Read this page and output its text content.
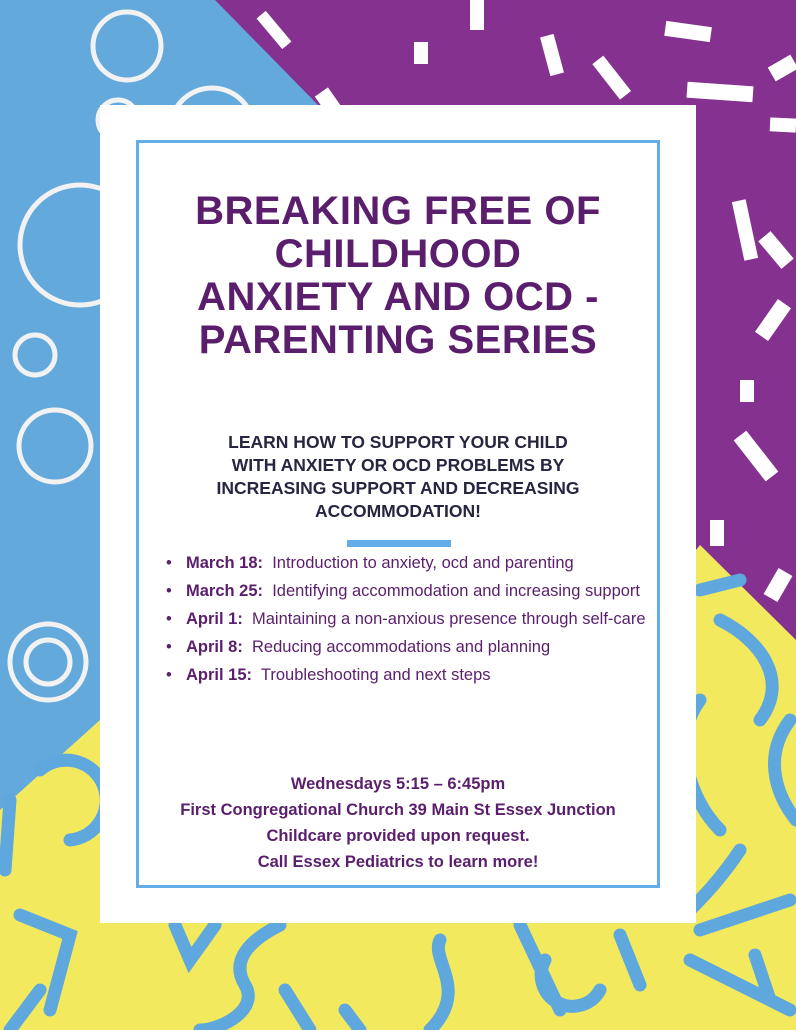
BREAKING FREE OF
CHILDHOOD
ANXIETY AND OCD -
PARENTING SERIES
LEARN HOW TO SUPPORT YOUR CHILD
WITH ANXIETY OR OCD PROBLEMS BY
INCREASING SUPPORT AND DECREASING
ACCOMMODATION!
• March 18: Introduction to anxiety, ocd and parenting
• March 25: Identifying accommodation and increasing support
• April 1: Maintaining a non-anxious presence through self-care
• April 8: Reducing accommodations and planning
• April 15: Troubleshooting and next steps
Wednesdays 5:15 – 6:45pm
First Congregational Church 39 Main St Essex Junction
Childcare provided upon request.
Call Essex Pediatrics to learn more!
